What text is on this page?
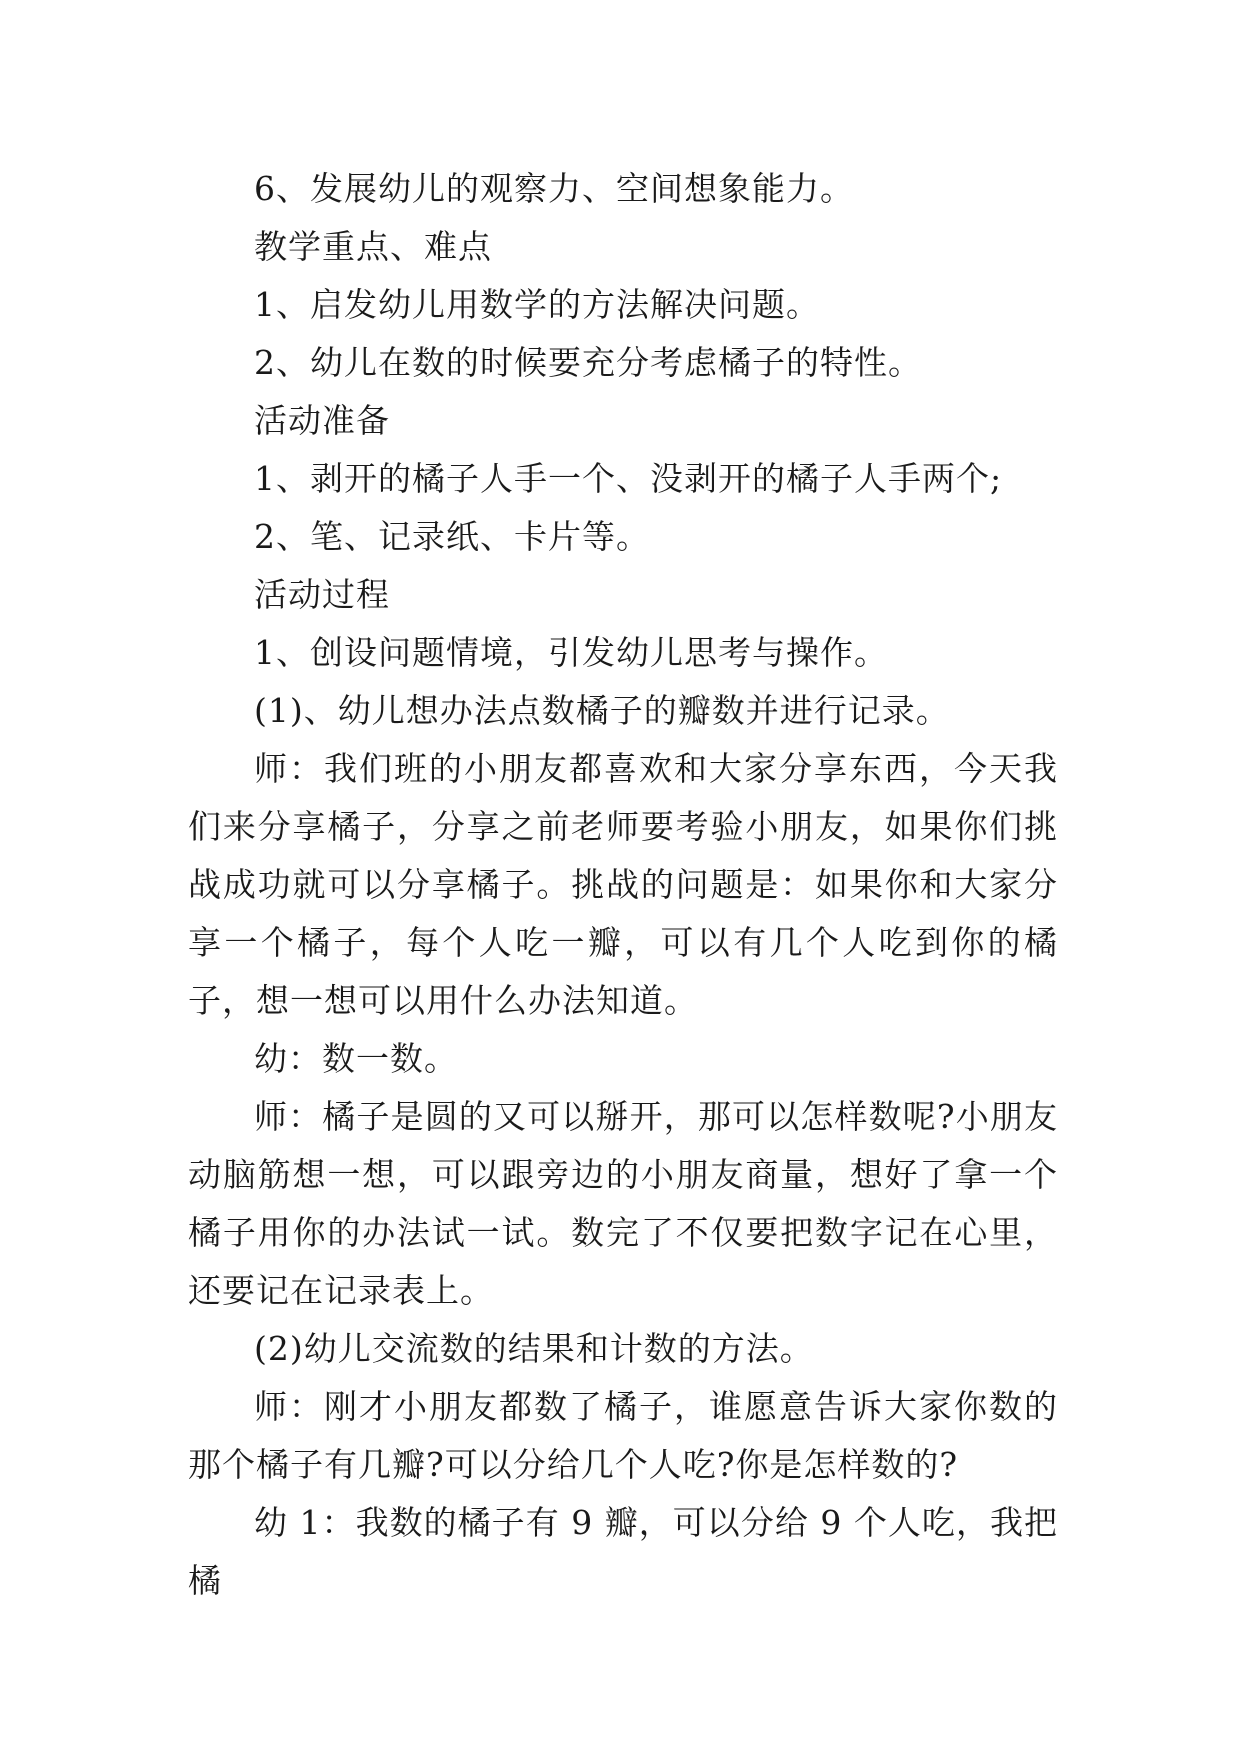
6、发展幼儿的观察力、空间想象能力。

教学重点、难点

1、启发幼儿用数学的方法解决问题。

2、幼儿在数的时候要充分考虑橘子的特性。

活动准备

1、剥开的橘子人手一个、没剥开的橘子人手两个;

2、笔、记录纸、卡片等。

活动过程

1、创设问题情境，引发幼儿思考与操作。

(1)、幼儿想办法点数橘子的瓣数并进行记录。

师：我们班的小朋友都喜欢和大家分享东西，今天我们来分享橘子，分享之前老师要考验小朋友，如果你们挑战成功就可以分享橘子。挑战的问题是：如果你和大家分享一个橘子，每个人吃一瓣，可以有几个人吃到你的橘子，想一想可以用什么办法知道。

幼：数一数。

师：橘子是圆的又可以掰开，那可以怎样数呢?小朋友动脑筋想一想，可以跟旁边的小朋友商量，想好了拿一个橘子用你的办法试一试。数完了不仅要把数字记在心里，还要记在记录表上。

(2)幼儿交流数的结果和计数的方法。

师：刚才小朋友都数了橘子，谁愿意告诉大家你数的那个橘子有几瓣?可以分给几个人吃?你是怎样数的?

幼 1：我数的橘子有 9 瓣，可以分给 9 个人吃，我把橘
